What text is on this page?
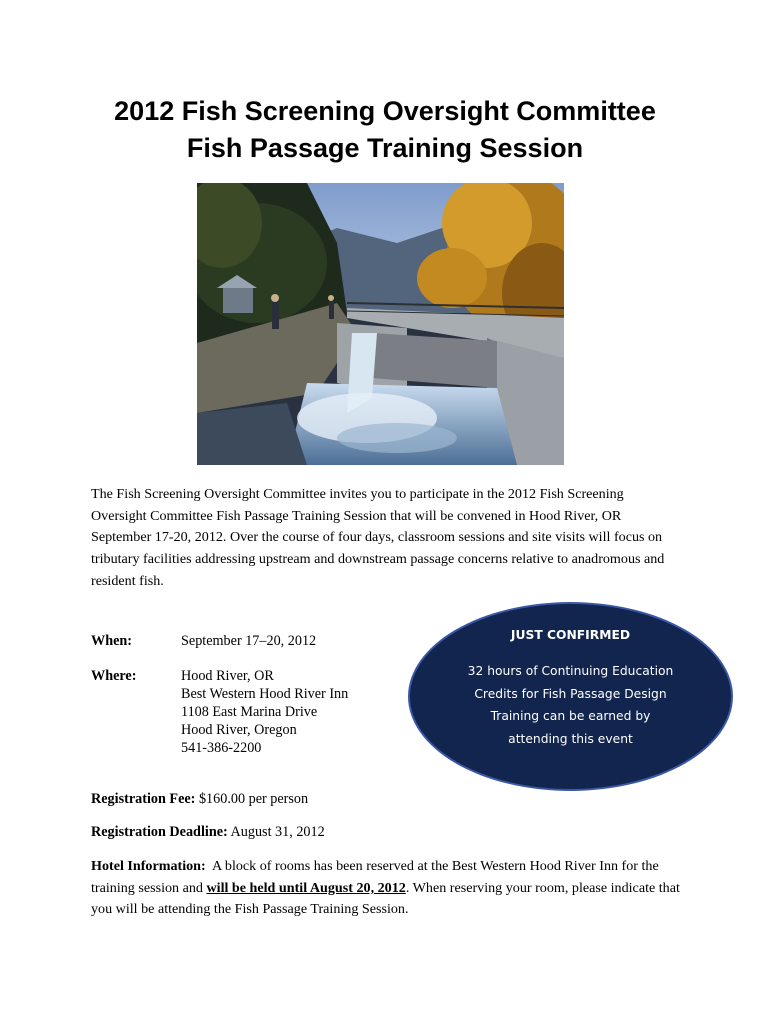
2012 Fish Screening Oversight Committee
Fish Passage Training Session

The Fish Screening Oversight Committee invites you to participate in the 2012 Fish Screening Oversight Committee Fish Passage Training Session that will be convened in Hood River, OR September 17-20, 2012. Over the course of four days, classroom sessions and site visits will focus on tributary facilities addressing upstream and downstream passage concerns relative to anadromous and resident fish.

When:	September 17–20, 2012
Where:	Hood River, OR
Best Western Hood River Inn
1108 East Marina Drive
Hood River, Oregon
541-386-2200
JUST CONFIRMED
32 hours of Continuing Education Credits for Fish Passage Design Training can be earned by attending this event
Registration Fee: $160.00 per person
Registration Deadline: August 31, 2012
Hotel Information: A block of rooms has been reserved at the Best Western Hood River Inn for the training session and will be held until August 20, 2012. When reserving your room, please indicate that you will be attending the Fish Passage Training Session.
